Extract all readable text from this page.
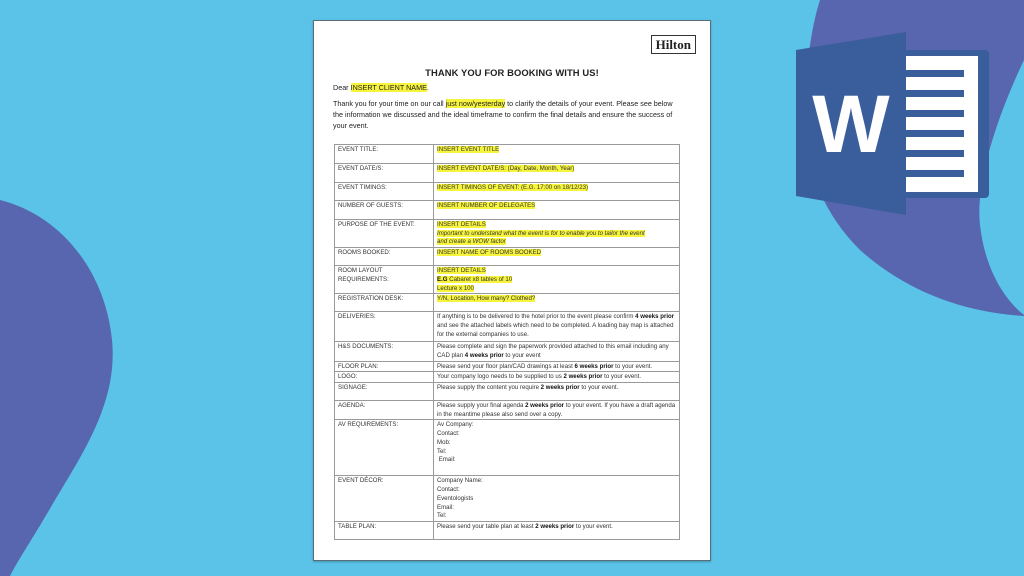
Hilton
THANK YOU FOR BOOKING WITH US!
Dear INSERT CLIENT NAME.
Thank you for your time on our call just now/yesterday to clarify the details of your event. Please see below the information we discussed and the ideal timeframe to confirm the final details and ensure the success of your event.
EVENT TITLE:	INSERT EVENT TITLE
EVENT DATE/S:	INSERT EVENT DATE/S: (Day, Date, Month, Year)
EVENT TIMINGS:	INSERT TIMINGS OF EVENT: (E.G. 17:00 on 18/12/23)
NUMBER OF GUESTS:	INSERT NUMBER OF DELEGATES
PURPOSE OF THE EVENT:	INSERT DETAILS
Important to understand what the event is for to enable you to tailor the event
and create a WOW factor

ROOMS BOOKED:	INSERT NAME OF ROOMS BOOKED
ROOM LAYOUT REQUIREMENTS:	INSERT DETAILS
E.G Cabaret x8 tables of 10
Lecture x 100

REGISTRATION DESK:	Y/N, Location, How many? Clothed?
DELIVERIES:	If anything is to be delivered to the hotel prior to the event please confirm 4 weeks prior and see the attached labels which need to be completed. A loading bay map is attached for the external companies to use.
H&S DOCUMENTS:	Please complete and sign the paperwork provided attached to this email including any CAD plan 4 weeks prior to your event
FLOOR PLAN:	Please send your floor plan/CAD drawings at least 6 weeks prior to your event.
LOGO:	Your company logo needs to be supplied to us 2 weeks prior to your event.
SIGNAGE:	Please supply the content you require 2 weeks prior to your event.
AGENDA:	Please supply your final agenda 2 weeks prior to your event. If you have a draft agenda in the meantime please also send over a copy.
AV REQUIREMENTS:	Av Company:
Contact:
Mob:
Tel:
Email:

EVENT DÉCOR:	Company Name:
Contact:
Eventologists
Email:
Tel:

TABLE PLAN:	Please send your table plan at least 2 weeks prior to your event.
W
